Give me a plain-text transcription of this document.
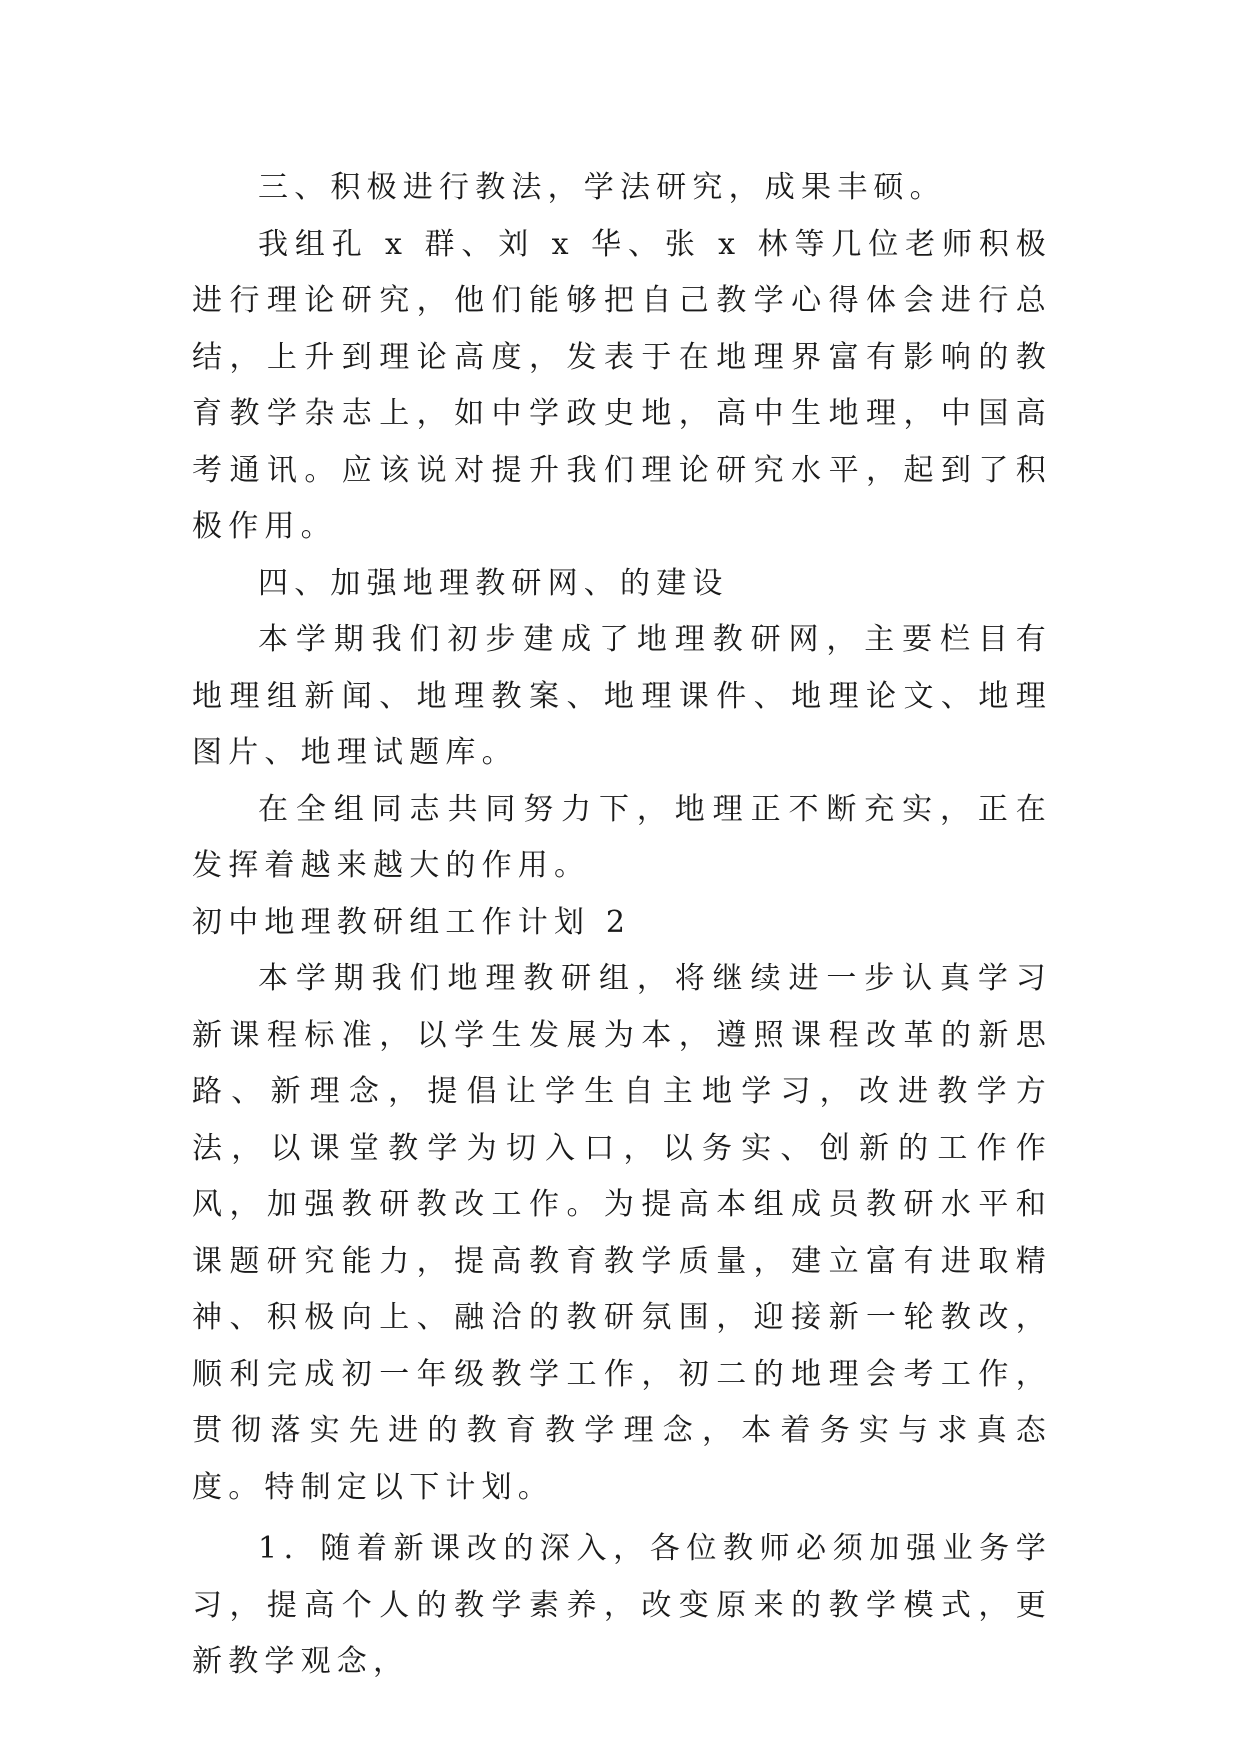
三、积极进行教法，学法研究，成果丰硕。

我组孔 x 群、刘 x 华、张 x 林等几位老师积极进行理论研究，他们能够把自己教学心得体会进行总结，上升到理论高度，发表于在地理界富有影响的教育教学杂志上，如中学政史地，高中生地理，中国高考通讯。应该说对提升我们理论研究水平，起到了积极作用。

四、加强地理教研网、的建设

本学期我们初步建成了地理教研网，主要栏目有地理组新闻、地理教案、地理课件、地理论文、地理图片、地理试题库。

在全组同志共同努力下，地理正不断充实，正在发挥着越来越大的作用。

初中地理教研组工作计划 2

本学期我们地理教研组，将继续进一步认真学习新课程标准，以学生发展为本，遵照课程改革的新思路、新理念，提倡让学生自主地学习，改进教学方法，以课堂教学为切入口，以务实、创新的工作作风，加强教研教改工作。为提高本组成员教研水平和课题研究能力，提高教育教学质量，建立富有进取精神、积极向上、融洽的教研氛围，迎接新一轮教改，顺利完成初一年级教学工作，初二的地理会考工作，贯彻落实先进的教育教学理念，本着务实与求真态度。特制定以下计划。

1．随着新课改的深入，各位教师必须加强业务学习，提高个人的教学素养，改变原来的教学模式，更新教学观念，
